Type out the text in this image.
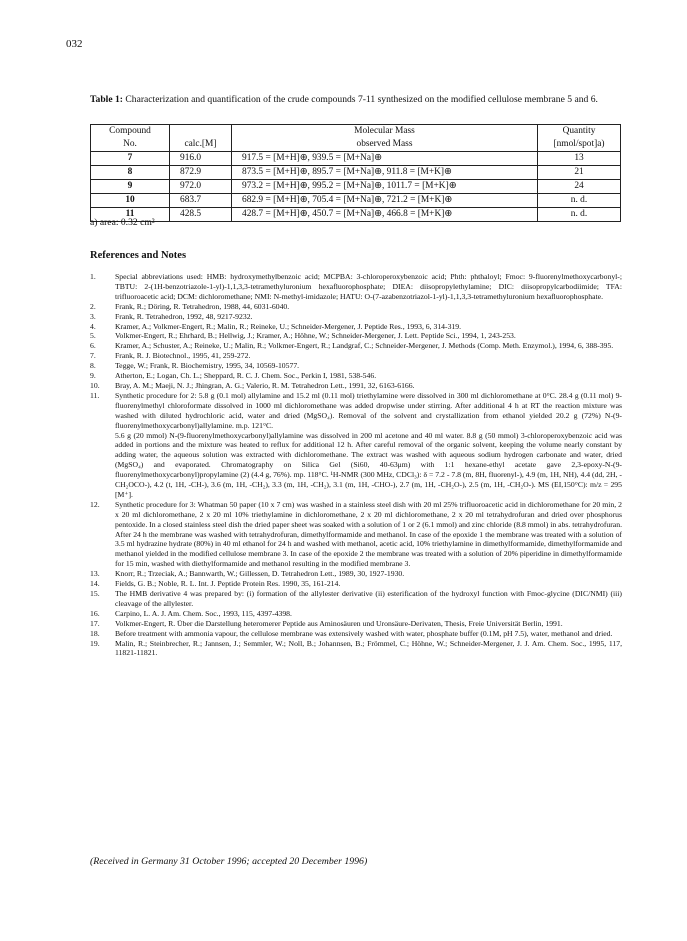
032
Table 1: Characterization and quantification of the crude compounds 7-11 synthesized on the modified cellulose membrane 5 and 6.
Compound		Molecular Mass	Quantity
No.	calc.[M]	observed Mass	[nmol/spot]a)
7	916.0	917.5 = [M+H]⊕, 939.5 = [M+Na]⊕	13
8	872.9	873.5 = [M+H]⊕, 895.7 = [M+Na]⊕, 911.8 = [M+K]⊕	21
9	972.0	973.2 = [M+H]⊕, 995.2 = [M+Na]⊕, 1011.7 = [M+K]⊕	24
10	683.7	682.9 = [M+H]⊕, 705.4 = [M+Na]⊕, 721.2 = [M+K]⊕	n. d.
11	428.5	428.7 = [M+H]⊕, 450.7 = [M+Na]⊕, 466.8 = [M+K]⊕	n. d.
a) area: 0.32 cm²
References and Notes
1. Special abbreviations used: HMB: hydroxymethylbenzoic acid; MCPBA: 3-chloroperoxybenzoic acid; Phth: phthaloyl; Fmoc: 9-fluorenylmethoxycarbonyl-; TBTU: 2-(1H-benzotriazole-1-yl)-1,1,3,3-tetramethyluronium hexafluorophosphate; DIEA: diisopropylethylamine; DIC: diisopropylcarbodiimide; TFA: trifluoroacetic acid; DCM: dichloromethane; NMI: N-methyl-imidazole; HATU: O-(7-azabenzotriazol-1-yl)-1,1,3,3-tetramethyluronium hexafluorophosphate.
2. Frank, R.; Döring, R. Tetrahedron, 1988, 44, 6031-6040.
3. Frank, R. Tetrahedron, 1992, 48, 9217-9232.
4. Kramer, A.; Volkmer-Engert, R.; Malin, R.; Reineke, U.; Schneider-Mergener, J. Peptide Res., 1993, 6, 314-319.
5. Volkmer-Engert, R.; Ehrhard, B.; Hellwig, J.; Kramer, A.; Höhne, W.; Schneider-Mergener, J. Lett. Peptide Sci., 1994, 1, 243-253.
6. Kramer, A.; Schuster, A.; Reineke, U.; Malin, R.; Volkmer-Engert, R.; Landgraf, C.; Schneider-Mergener, J. Methods (Comp. Meth. Enzymol.), 1994, 6, 388-395.
7. Frank, R. J. Biotechnol., 1995, 41, 259-272.
8. Tegge, W.; Frank, R. Biochemistry, 1995, 34, 10569-10577.
9. Atherton, E.; Logan, Ch. L.; Sheppard, R. C. J. Chem. Soc., Perkin I, 1981, 538-546.
10. Bray, A. M.; Maeji, N. J.; Jhingran, A. G.; Valerio, R. M. Tetrahedron Lett., 1991, 32, 6163-6166.
11. Synthetic procedure for 2: 5.8 g (0.1 mol) allylamine and 15.2 ml (0.11 mol) triethylamine were dissolved in 300 ml dichloromethane at 0°C. 28.4 g (0.11 mol) 9-fluorenylmethyl chloroformate dissolved in 1000 ml dichloromethane was added dropwise under stirring. After additional 4 h at RT the reaction mixture was washed with diluted hydrochloric acid, water and dried (MgSO₄). Removal of the solvent and crystallization from ethanol yielded 20.2 g (72%) N-(9-fluorenylmethoxycarbonyl)allylamine. m.p. 121°C.
5.6 g (20 mmol) N-(9-fluorenylmethoxycarbonyl)allylamine was dissolved in 200 ml acetone and 40 ml water. 8.8 g (50 mmol) 3-chloroperoxybenzoic acid was added in portions and the mixture was heated to reflux for additional 12 h. After careful removal of the organic solvent, keeping the volume nearly constant by adding water, the aqueous solution was extracted with dichloromethane. The extract was washed with aqueous sodium hydrogen carbonate and water, dried (MgSO₄) and evaporated. Chromatography on Silica Gel (Si60, 40-63μm) with 1:1 hexane-ethyl acetate gave 2,3-epoxy-N-(9-fluorenylmethoxycarbonyl)propylamine (2) (4.4 g, 76%). mp. 118°C. ¹H-NMR (300 MHz, CDCl₃): δ = 7.2 - 7.8 (m, 8H, fluorenyl-), 4.9 (m, 1H, NH), 4.4 (dd, 2H, -CH₂OCO-), 4.2 (t, 1H, -CH-), 3.6 (m, 1H, -CH₂), 3.3 (m, 1H, -CH₂), 3.1 (m, 1H, -CHO-), 2.7 (m, 1H, -CH₂O-), 2.5 (m, 1H, -CH₂O-). MS (EI,150°C): m/z = 295 [M⁺].
12. Synthetic procedure for 3: Whatman 50 paper (10 x 7 cm) was washed in a stainless steel dish with 20 ml 25% trifluoroacetic acid in dichloromethane for 20 min, 2 x 20 ml dichloromethane, 2 x 20 ml 10% triethylamine in dichloromethane, 2 x 20 ml dichloromethane, 2 x 20 ml tetrahydrofuran and dried over phosphorus pentoxide. In a closed stainless steel dish the dried paper sheet was soaked with a solution of 1 or 2 (6.1 mmol) and zinc chloride (8.8 mmol) in abs. tetrahydrofuran. After 24 h the membrane was washed with tetrahydrofuran, dimethylformamide and methanol. In case of the epoxide 1 the membrane was treated with a solution of 3.5 ml hydrazine hydrate (80%) in 40 ml ethanol for 24 h and washed with methanol, acetic acid, 10% triethylamine in dimethylformamide, dimethylformamide and methanol yielded in the modified cellulose membrane 3. In case of the epoxide 2 the membrane was treated with a solution of 20% piperidine in dimethylformamide for 15 min, washed with diethylformamide and methanol resulting in the modified membrane 3.
13. Knorr, R.; Trzeciak, A.; Bannwarth, W.; Gillessen, D. Tetrahedron Lett., 1989, 30, 1927-1930.
14. Fields, G. B.; Noble, R. L. Int. J. Peptide Protein Res. 1990, 35, 161-214.
15. The HMB derivative 4 was prepared by: (i) formation of the allylester derivative (ii) esterification of the hydroxyl function with Fmoc-glycine (DIC/NMI) (iii) cleavage of the allylester.
16. Carpino, L. A. J. Am. Chem. Soc., 1993, 115, 4397-4398.
17. Volkmer-Engert, R. Über die Darstellung heteromerer Peptide aus Aminosäuren und Uronsäure-Derivaten, Thesis, Freie Universität Berlin, 1991.
18. Before treatment with ammonia vapour, the cellulose membrane was extensively washed with water, phosphate buffer (0.1M, pH 7.5), water, methanol and dried.
19. Malin, R.; Steinbrecher, R.; Jannsen, J.; Semmler, W.; Noll, B.; Johannsen, B.; Frömmel, C.; Höhne, W.; Schneider-Mergener, J. J. Am. Chem. Soc., 1995, 117, 11821-11821.
(Received in Germany 31 October 1996; accepted 20 December 1996)
